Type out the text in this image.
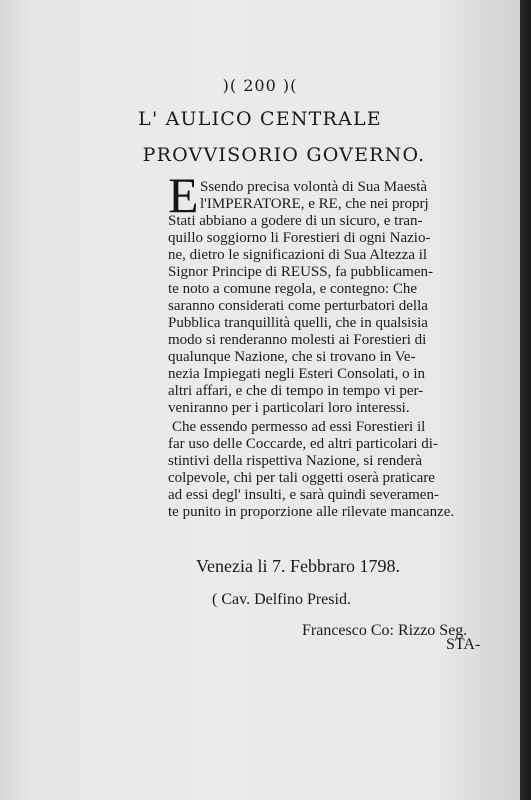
)( 200 )(
L' AULICO CENTRALE
PROVVISORIO GOVERNO.
E Ssendo precisa volontà di Sua Maestà
l'IMPERATORE, e RE, che nei proprj
Stati abbiano a godere di un sicuro, e tran-
quillo soggiorno li Forestieri di ogni Nazio-
ne, dietro le significazioni di Sua Altezza il
Signor Principe di REUSS, fa pubblicamen-
te noto a comune regola, e contegno: Che
saranno considerati come perturbatori della
Pubblica tranquillità quelli, che in qualsisia
modo si renderanno molesti ai Forestieri di
qualunque Nazione, che si trovano in Ve-
nezia Impiegati negli Esteri Consolati, o in
altri affari, e che di tempo in tempo vi per-
veniranno per i particolari loro interessi.

Che essendo permesso ad essi Forestieri il
far uso delle Coccarde, ed altri particolari di-
stintivi della rispettiva Nazione, si renderà
colpevole, chi per tali oggetti oserà praticare
ad essi degl' insulti, e sarà quindi severamen-
te punito in proporzione alle rilevate mancanze.

Venezia li 7. Febbraro 1798.
( Cav. Delfino Presid.
Francesco Co: Rizzo Seg.
STA-
